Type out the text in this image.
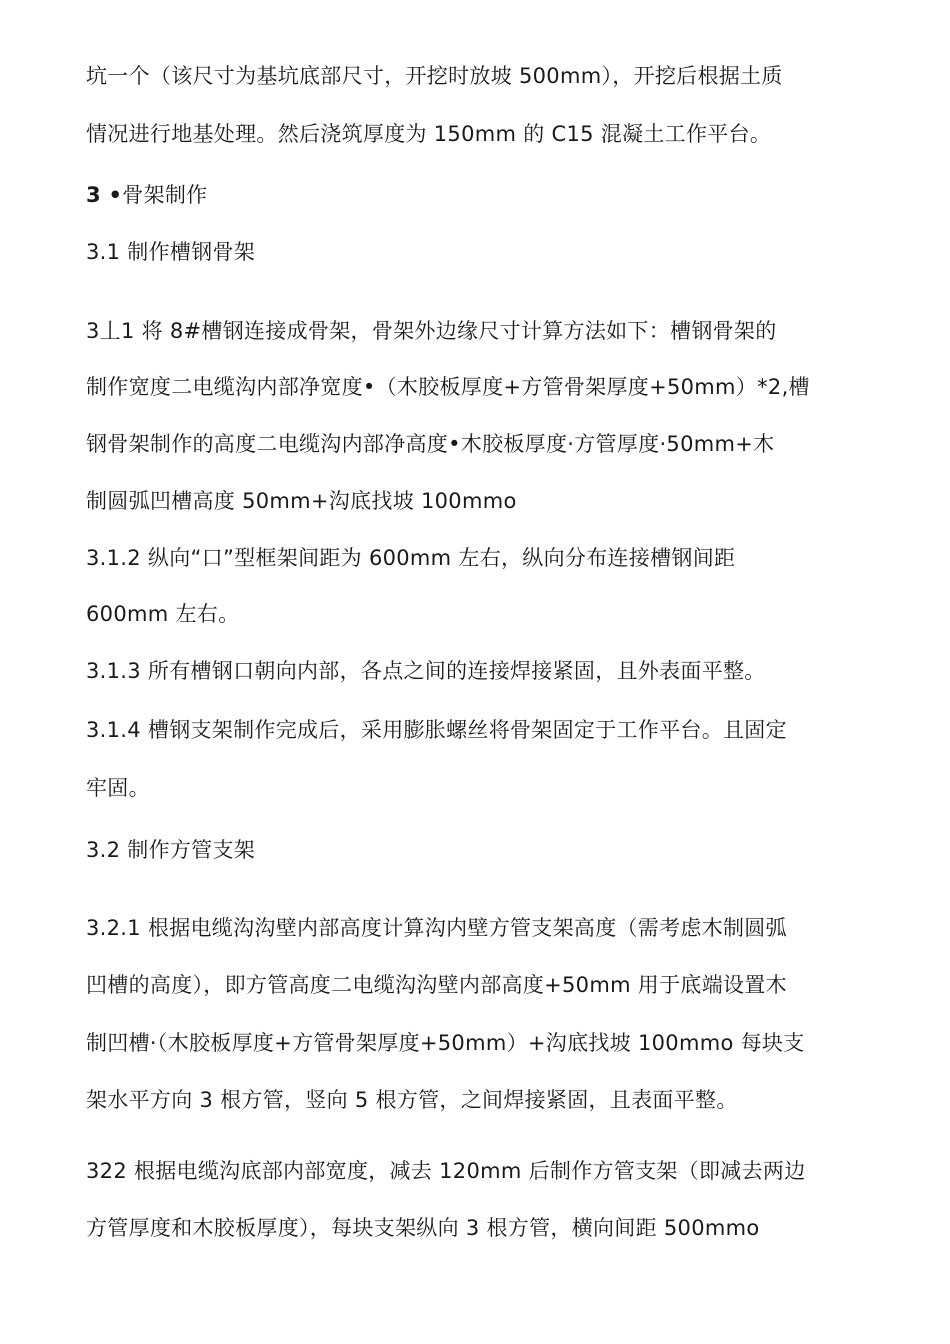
坑一个（该尺寸为基坑底部尺寸，开挖时放坡 500mm），开挖后根据土质
情况进行地基处理。然后浇筑厚度为 150mm 的 C15 混凝土工作平台。
3 •骨架制作
3.1 制作槽钢骨架
3丄1 将 8#槽钢连接成骨架，骨架外边缘尺寸计算方法如下：槽钢骨架的
制作宽度二电缆沟内部净宽度•（木胶板厚度+方管骨架厚度+50mm）*2,槽
钢骨架制作的高度二电缆沟内部净高度•木胶板厚度·方管厚度·50mm+木
制圆弧凹槽高度 50mm+沟底找坡 100mmo
3.1.2 纵向“口”型框架间距为 600mm 左右，纵向分布连接槽钢间距
600mm 左右。
3.1.3 所有槽钢口朝向内部，各点之间的连接焊接紧固，且外表面平整。
3.1.4 槽钢支架制作完成后，采用膨胀螺丝将骨架固定于工作平台。且固定
牢固。
3.2 制作方管支架
3.2.1 根据电缆沟沟壁内部高度计算沟内壁方管支架高度（需考虑木制圆弧
凹槽的高度），即方管高度二电缆沟沟壁内部高度+50mm 用于底端设置木
制凹槽·（木胶板厚度+方管骨架厚度+50mm）+沟底找坡 100mmo 每块支
架水平方向 3 根方管，竖向 5 根方管，之间焊接紧固，且表面平整。
322 根据电缆沟底部内部宽度，减去 120mm 后制作方管支架（即减去两边
方管厚度和木胶板厚度），每块支架纵向 3 根方管，横向间距 500mmo
